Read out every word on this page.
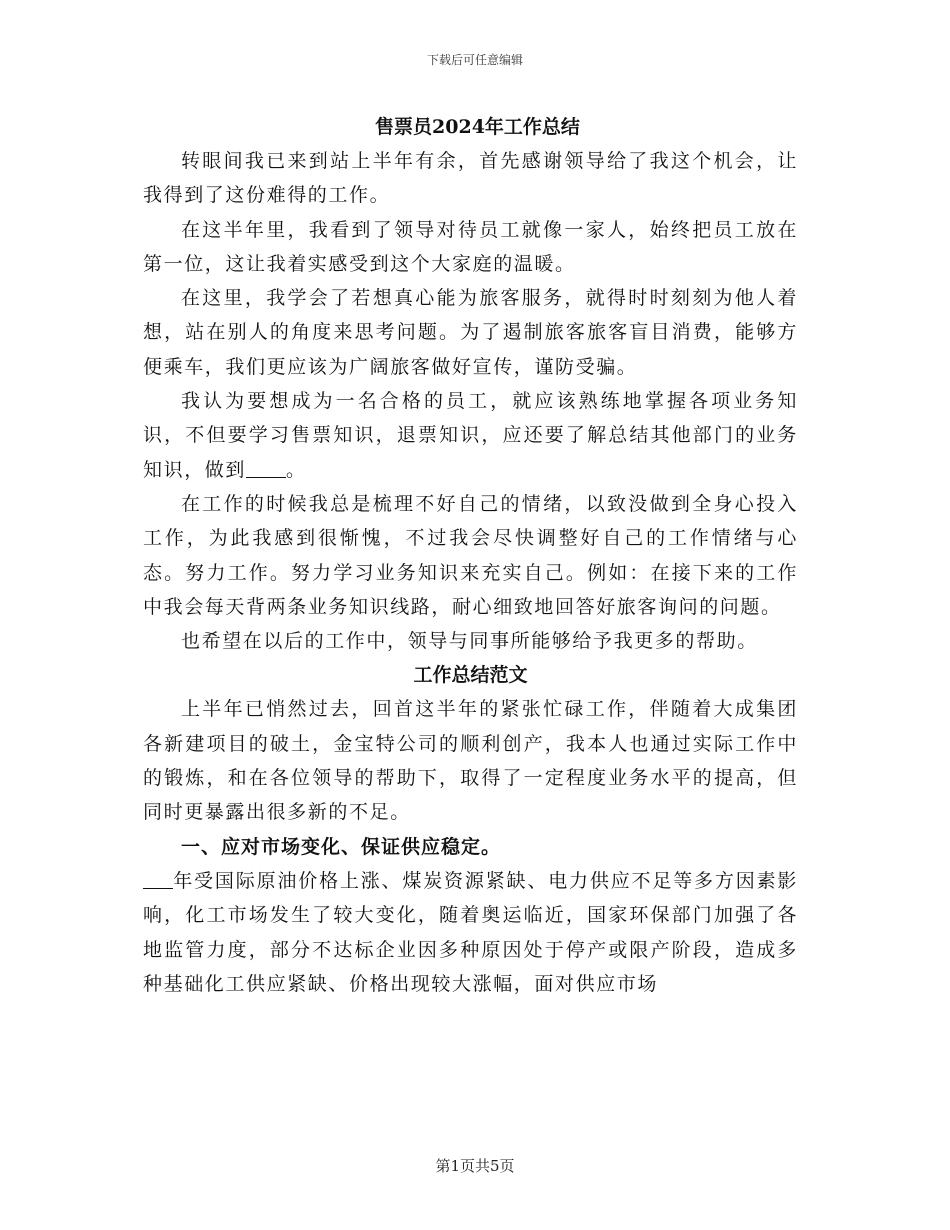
下载后可任意编辑

售票员2024年工作总结

转眼间我已来到站上半年有余，首先感谢领导给了我这个机会，让我得到了这份难得的工作。

在这半年里，我看到了领导对待员工就像一家人，始终把员工放在第一位，这让我着实感受到这个大家庭的温暖。

在这里，我学会了若想真心能为旅客服务，就得时时刻刻为他人着想，站在别人的角度来思考问题。为了遏制旅客旅客盲目消费，能够方便乘车，我们更应该为广阔旅客做好宣传，谨防受骗。

我认为要想成为一名合格的员工，就应该熟练地掌握各项业务知识，不但要学习售票知识，退票知识，应还要了解总结其他部门的业务知识，做到 。

在工作的时候我总是梳理不好自己的情绪，以致没做到全身心投入工作，为此我感到很惭愧，不过我会尽快调整好自己的工作情绪与心态。努力工作。努力学习业务知识来充实自己。例如：在接下来的工作中我会每天背两条业务知识线路，耐心细致地回答好旅客询问的问题。

也希望在以后的工作中，领导与同事所能够给予我更多的帮助。

工作总结范文

上半年已悄然过去，回首这半年的紧张忙碌工作，伴随着大成集团各新建项目的破土，金宝特公司的顺利创产，我本人也通过实际工作中的锻炼，和在各位领导的帮助下，取得了一定程度业务水平的提高，但同时更暴露出很多新的不足。

一、应对市场变化、保证供应稳定。

年受国际原油价格上涨、煤炭资源紧缺、电力供应不足等多方因素影响，化工市场发生了较大变化，随着奥运临近，国家环保部门加强了各地监管力度，部分不达标企业因多种原因处于停产或限产阶段，造成多种基础化工供应紧缺、价格出现较大涨幅，面对供应市场

第1页共5页
